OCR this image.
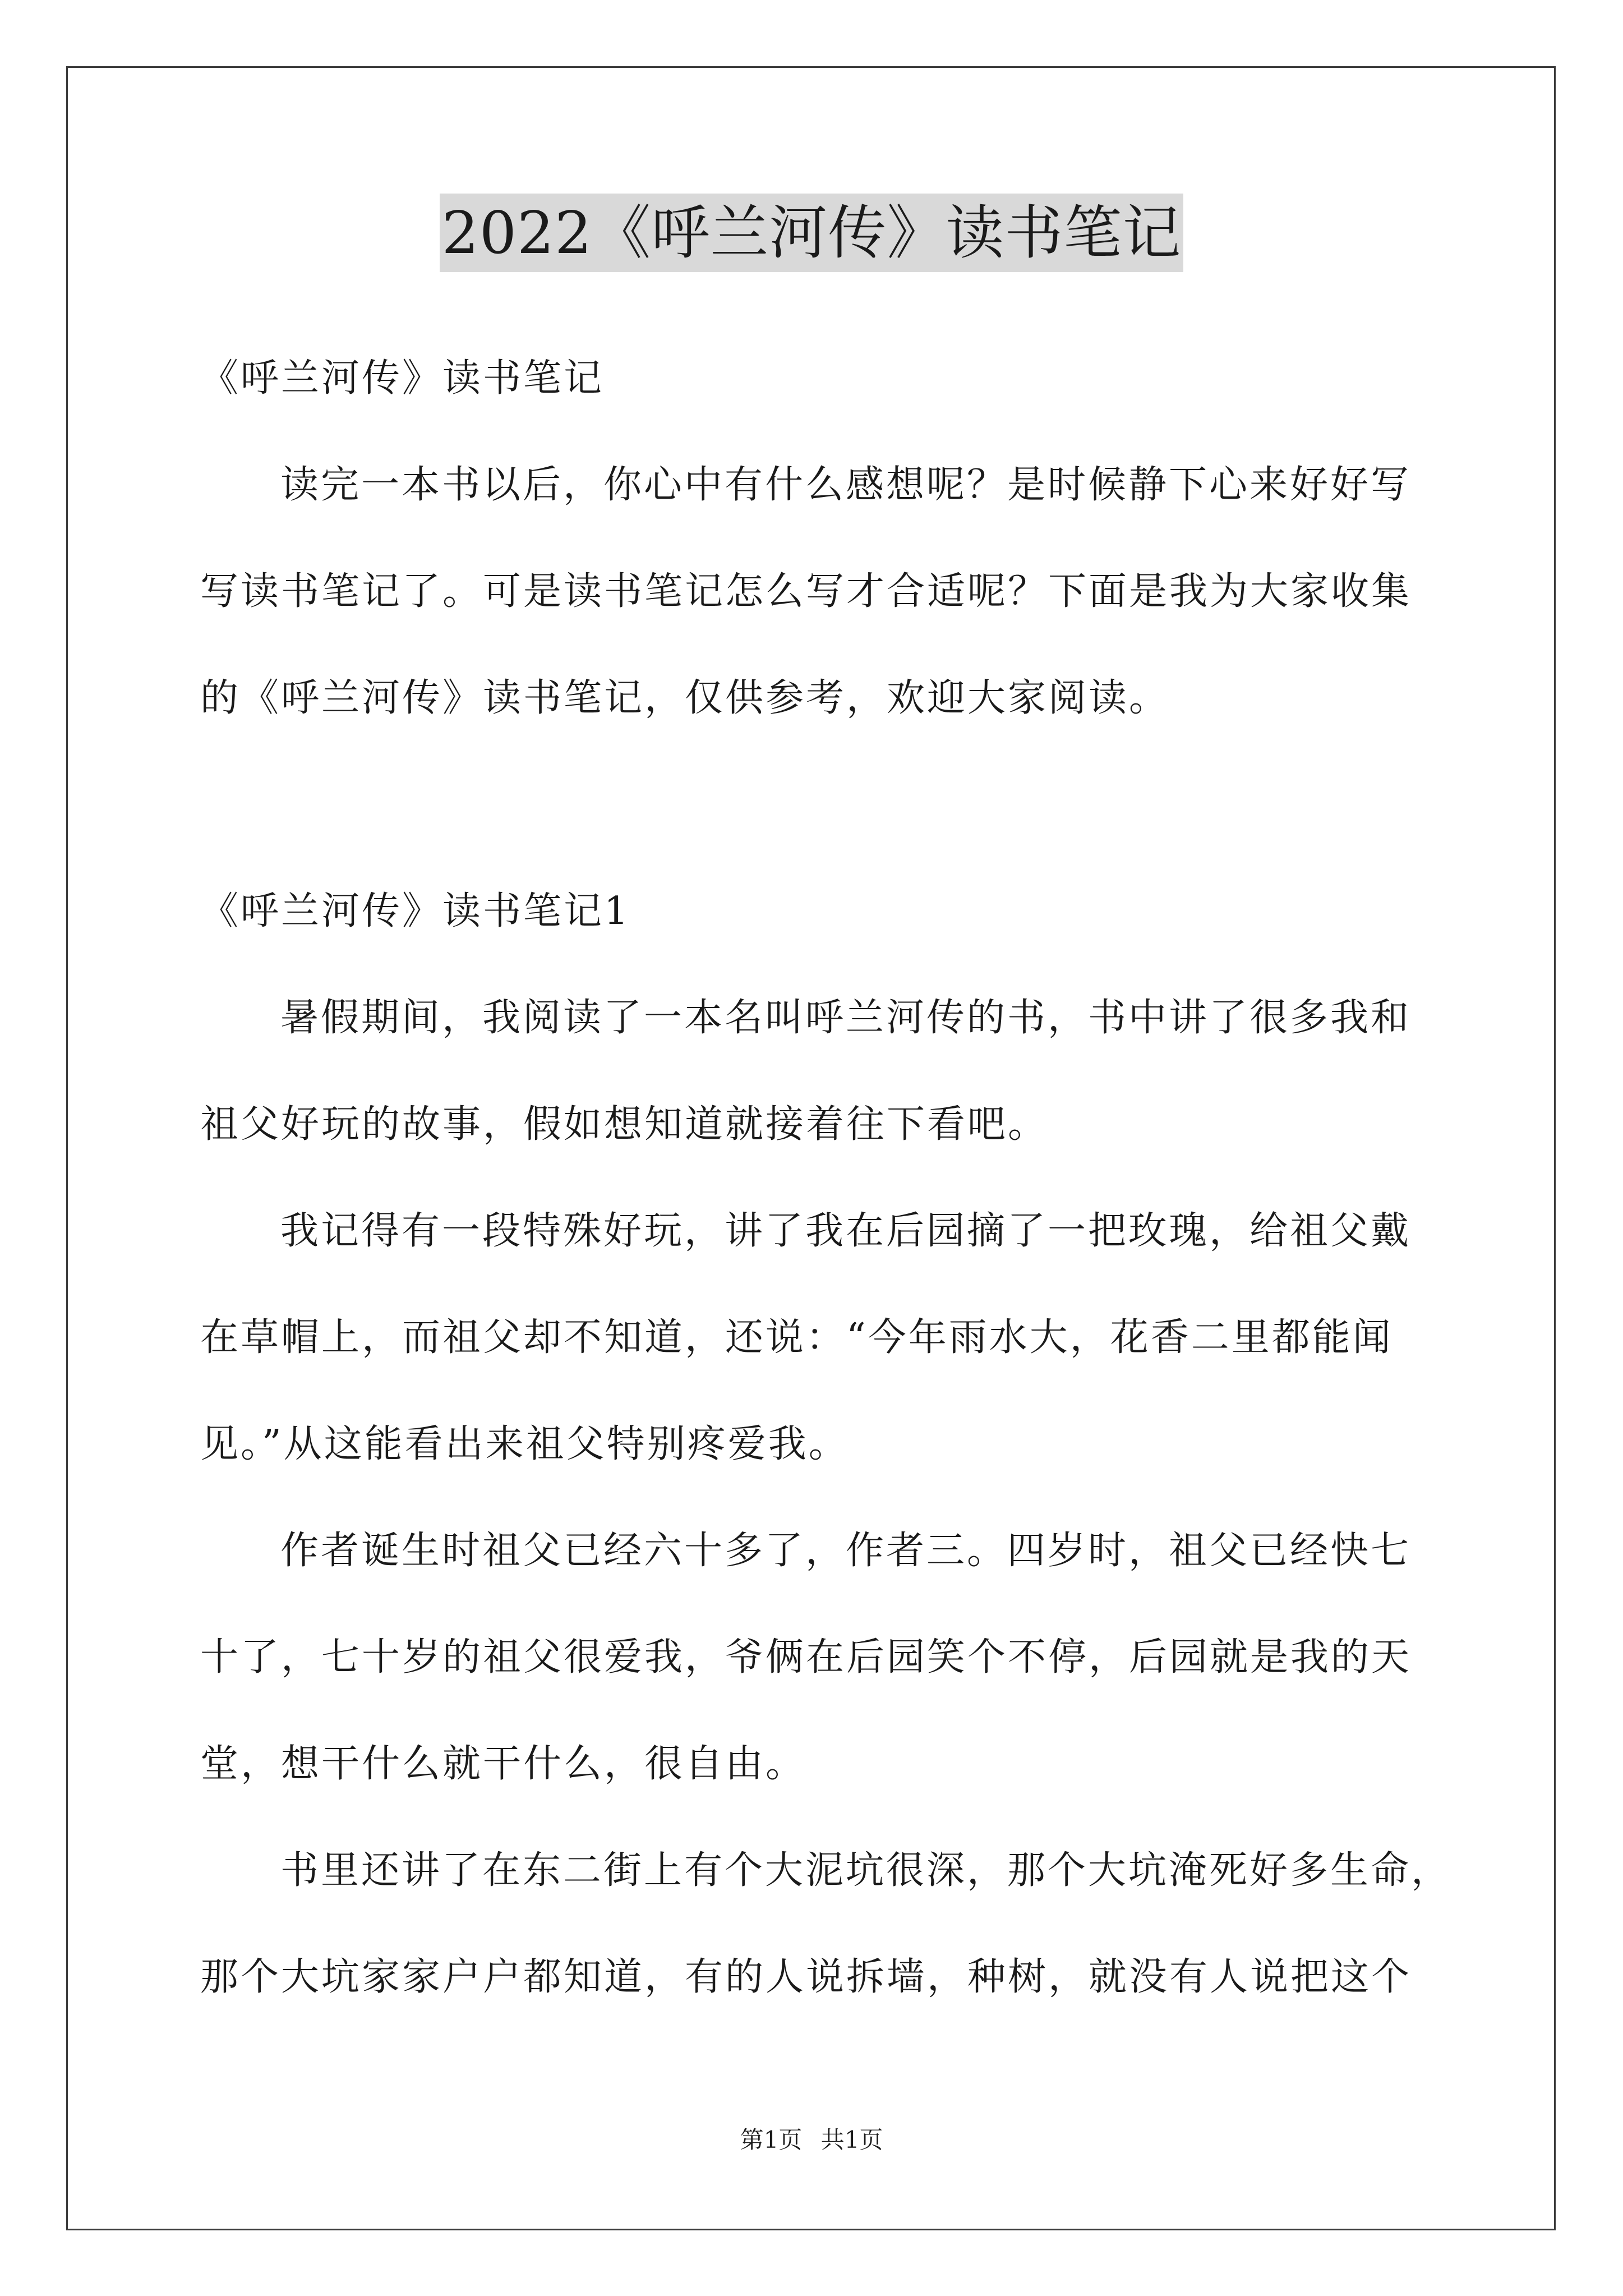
2022《呼兰河传》读书笔记
《呼兰河传》读书笔记
读完一本书以后，你心中有什么感想呢？是时候静下心来好好写
写读书笔记了。可是读书笔记怎么写才合适呢？下面是我为大家收集
的《呼兰河传》读书笔记，仅供参考，欢迎大家阅读。
《呼兰河传》读书笔记1
暑假期间，我阅读了一本名叫呼兰河传的书，书中讲了很多我和
祖父好玩的故事，假如想知道就接着往下看吧。
我记得有一段特殊好玩，讲了我在后园摘了一把玫瑰，给祖父戴
在草帽上，而祖父却不知道，还说：“今年雨水大，花香二里都能闻
见。”从这能看出来祖父特别疼爱我。
作者诞生时祖父已经六十多了，作者三。四岁时，祖父已经快七
十了，七十岁的祖父很爱我，爷俩在后园笑个不停，后园就是我的天
堂，想干什么就干什么，很自由。
书里还讲了在东二街上有个大泥坑很深，那个大坑淹死好多生命，
那个大坑家家户户都知道，有的人说拆墙，种树，就没有人说把这个
第1页 共1页
